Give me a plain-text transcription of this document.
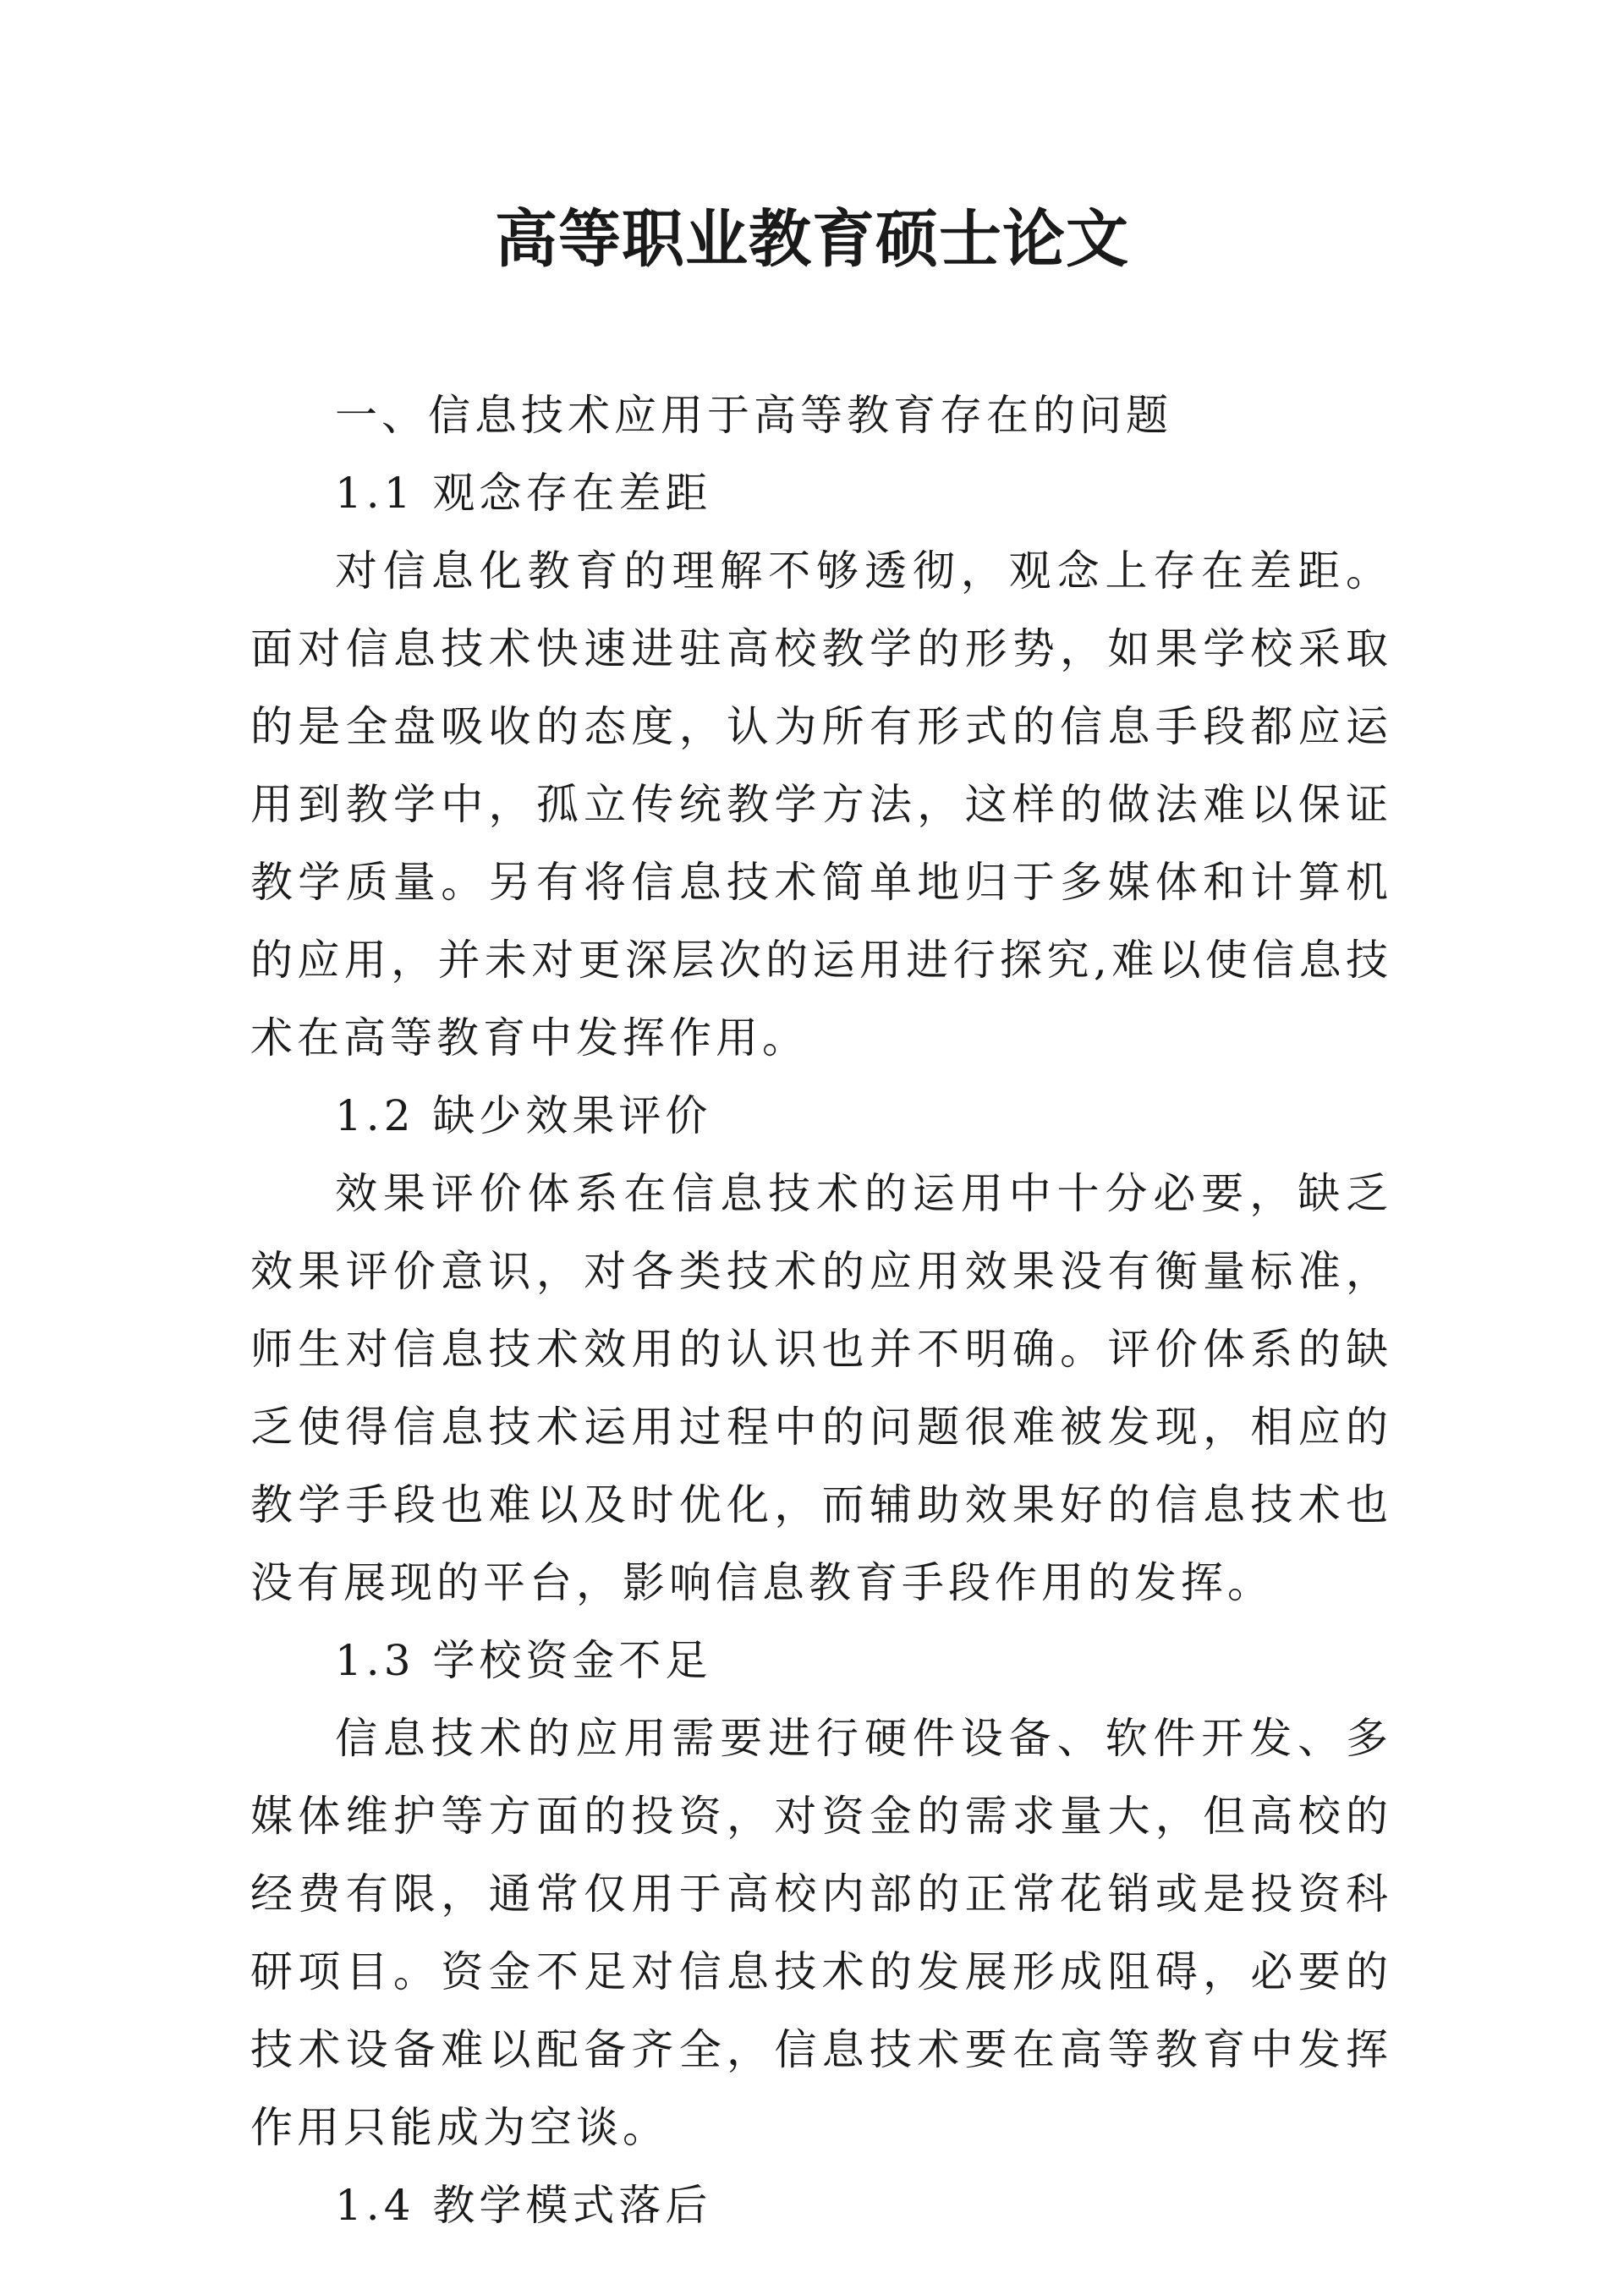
高等职业教育硕士论文

一、信息技术应用于高等教育存在的问题

1.1 观念存在差距

对信息化教育的理解不够透彻，观念上存在差距。面对信息技术快速进驻高校教学的形势，如果学校采取的是全盘吸收的态度，认为所有形式的信息手段都应运用到教学中，孤立传统教学方法，这样的做法难以保证教学质量。另有将信息技术简单地归于多媒体和计算机的应用，并未对更深层次的运用进行探究,难以使信息技术在高等教育中发挥作用。

1.2 缺少效果评价

效果评价体系在信息技术的运用中十分必要，缺乏效果评价意识，对各类技术的应用效果没有衡量标准，师生对信息技术效用的认识也并不明确。评价体系的缺乏使得信息技术运用过程中的问题很难被发现，相应的教学手段也难以及时优化，而辅助效果好的信息技术也没有展现的平台，影响信息教育手段作用的发挥。

1.3 学校资金不足

信息技术的应用需要进行硬件设备、软件开发、多媒体维护等方面的投资，对资金的需求量大，但高校的经费有限，通常仅用于高校内部的正常花销或是投资科研项目。资金不足对信息技术的发展形成阻碍，必要的技术设备难以配备齐全，信息技术要在高等教育中发挥作用只能成为空谈。

1.4 教学模式落后
